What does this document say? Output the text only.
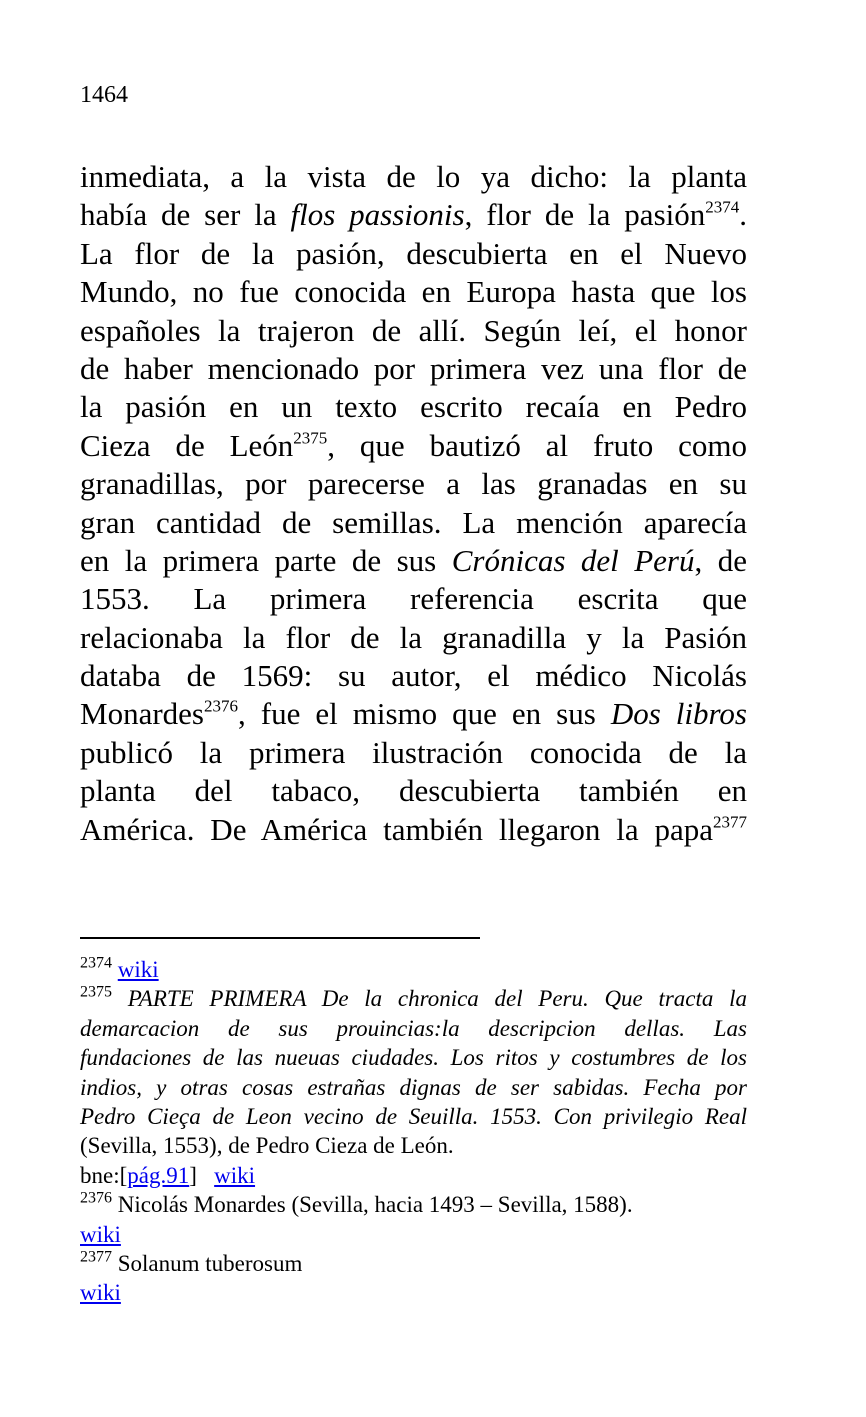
1464
inmediata, a la vista de lo ya dicho: la planta
había de ser la flos passionis, flor de la pasión$^{2374}$.
La flor de la pasión, descubierta en el Nuevo
Mundo, no fue conocida en Europa hasta que los
españoles la trajeron de allí. Según leí, el honor
de haber mencionado por primera vez una flor de
la pasión en un texto escrito recaía en Pedro
Cieza de León$^{2375}$, que bautizó al fruto como
granadillas, por parecerse a las granadas en su
gran cantidad de semillas. La mención aparecía
en la primera parte de sus Crónicas del Perú, de
1553. La primera referencia escrita que
relacionaba la flor de la granadilla y la Pasión
databa de 1569: su autor, el médico Nicolás
Monardes$^{2376}$, fue el mismo que en sus Dos libros
publicó la primera ilustración conocida de la
planta del tabaco, descubierta también en
América. De América también llegaron la papa$^{2377}$
$^{2374}$ wiki
$^{2375}$ PARTE PRIMERA De la chronica del Peru. Que tracta la
demarcacion de sus prouincias:la descripcion dellas. Las
fundaciones de las nueuas ciudades. Los ritos y costumbres de los
indios, y otras cosas estrañas dignas de ser sabidas. Fecha por
Pedro Cieça de Leon vecino de Seuilla. 1553. Con privilegio Real
(Sevilla, 1553), de Pedro Cieza de León.
bne:[pág.91] wiki
$^{2376}$ Nicolás Monardes (Sevilla, hacia 1493 – Sevilla, 1588).
wiki
$^{2377}$ Solanum tuberosum
wiki
